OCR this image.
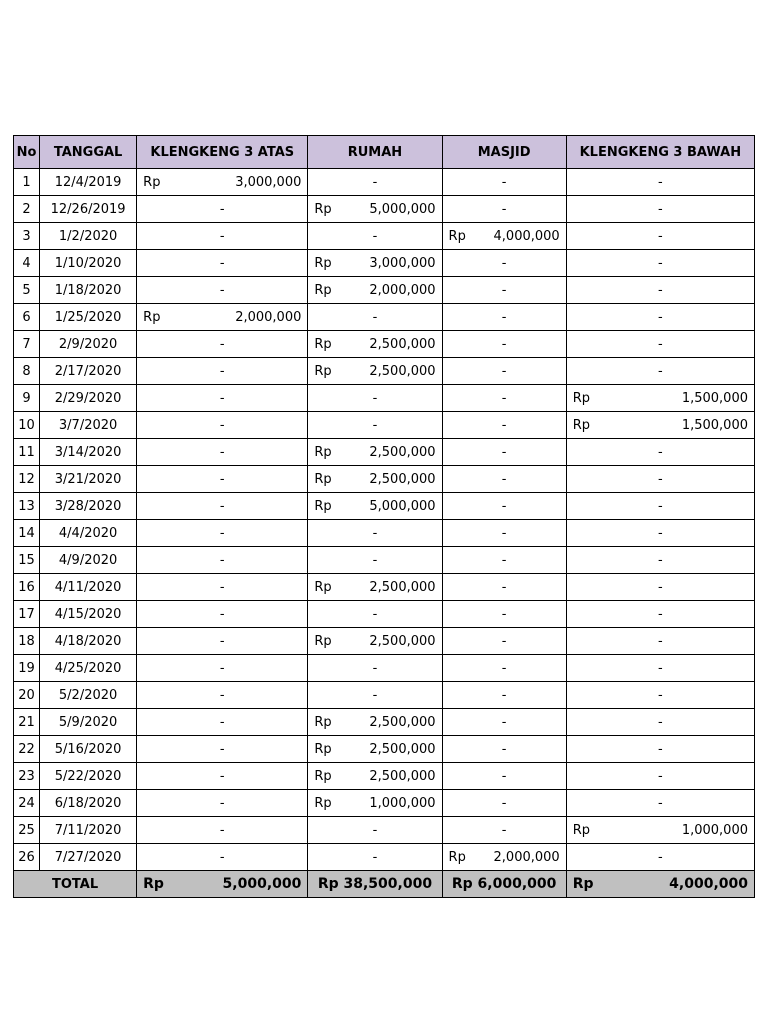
No	TANGGAL	KLENGKENG 3 ATAS	RUMAH	MASJID	KLENGKENG 3 BAWAH
1	12/4/2019	Rp 3,000,000	-	-	-
2	12/26/2019	-	Rp 5,000,000	-	-
3	1/2/2020	-	-	Rp 4,000,000	-
4	1/10/2020	-	Rp 3,000,000	-	-
5	1/18/2020	-	Rp 2,000,000	-	-
6	1/25/2020	Rp 2,000,000	-	-	-
7	2/9/2020	-	Rp 2,500,000	-	-
8	2/17/2020	-	Rp 2,500,000	-	-
9	2/29/2020	-	-	-	Rp 1,500,000

10	3/7/2020	-	-	-	Rp 1,500,000

11	3/14/2020	-	Rp 2,500,000	-	-
12	3/21/2020	-	Rp 2,500,000	-	-
13	3/28/2020	-	Rp 5,000,000	-	-
14	4/4/2020	-	-	-	-
15	4/9/2020	-	-	-	-
16	4/11/2020	-	Rp 2,500,000	-	-
17	4/15/2020	-	-	-	-
18	4/18/2020	-	Rp 2,500,000	-	-
19	4/25/2020	-	-	-	-
20	5/2/2020	-	-	-	-
21	5/9/2020	-	Rp 2,500,000	-	-
22	5/16/2020	-	Rp 2,500,000	-	-
23	5/22/2020	-	Rp 2,500,000	-	-
24	6/18/2020	-	Rp 1,000,000	-	-
25	7/11/2020	-	-	-	Rp 1,000,000

26	7/27/2020	-	-	Rp 2,000,000	-
TOTAL		Rp 5,000,000	Rp 38,500,000	Rp 6,000,000	Rp 4,000,000
